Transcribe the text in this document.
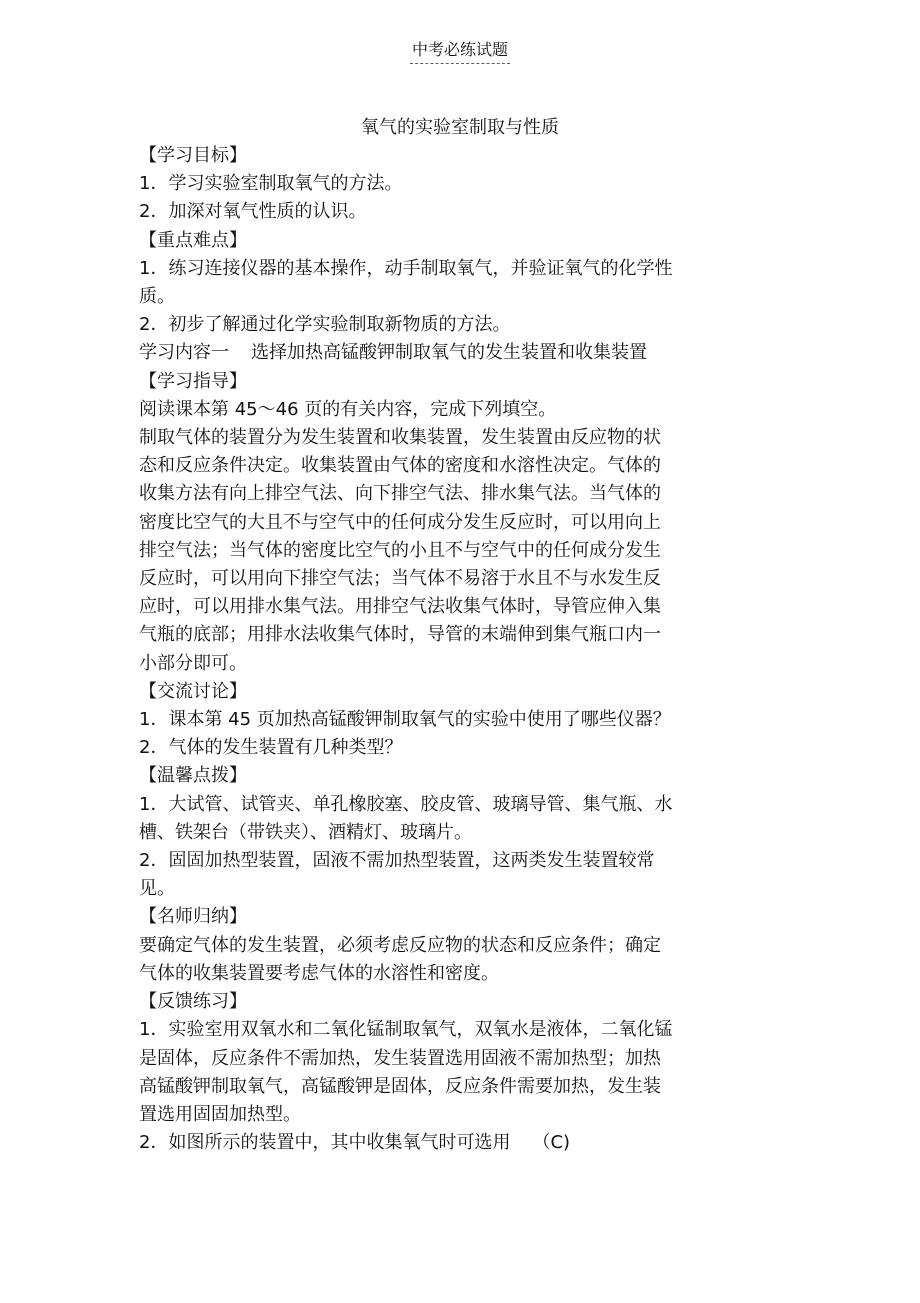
中考必练试题
氧气的实验室制取与性质
【学习目标】
1．学习实验室制取氧气的方法。
2．加深对氧气性质的认识。
【重点难点】
1．练习连接仪器的基本操作，动手制取氧气，并验证氧气的化学性
质。
2．初步了解通过化学实验制取新物质的方法。
学习内容一 选择加热高锰酸钾制取氧气的发生装置和收集装置
【学习指导】
阅读课本第 45～46 页的有关内容，完成下列填空。
制取气体的装置分为发生装置和收集装置，发生装置由反应物的状
态和反应条件决定。收集装置由气体的密度和水溶性决定。气体的
收集方法有向上排空气法、向下排空气法、排水集气法。当气体的
密度比空气的大且不与空气中的任何成分发生反应时，可以用向上
排空气法；当气体的密度比空气的小且不与空气中的任何成分发生
反应时，可以用向下排空气法；当气体不易溶于水且不与水发生反
应时，可以用排水集气法。用排空气法收集气体时，导管应伸入集
气瓶的底部；用排水法收集气体时，导管的末端伸到集气瓶口内一
小部分即可。
【交流讨论】
1．课本第 45 页加热高锰酸钾制取氧气的实验中使用了哪些仪器？
2．气体的发生装置有几种类型？
【温馨点拨】
1．大试管、试管夹、单孔橡胶塞、胶皮管、玻璃导管、集气瓶、水
槽、铁架台（带铁夹）、酒精灯、玻璃片。
2．固固加热型装置，固液不需加热型装置，这两类发生装置较常
见。
【名师归纳】
要确定气体的发生装置，必须考虑反应物的状态和反应条件；确定
气体的收集装置要考虑气体的水溶性和密度。
【反馈练习】
1．实验室用双氧水和二氧化锰制取氧气，双氧水是液体，二氧化锰
是固体，反应条件不需加热，发生装置选用固液不需加热型；加热
高锰酸钾制取氧气，高锰酸钾是固体，反应条件需要加热，发生装
置选用固固加热型。
2．如图所示的装置中，其中收集氧气时可选用 （C)
